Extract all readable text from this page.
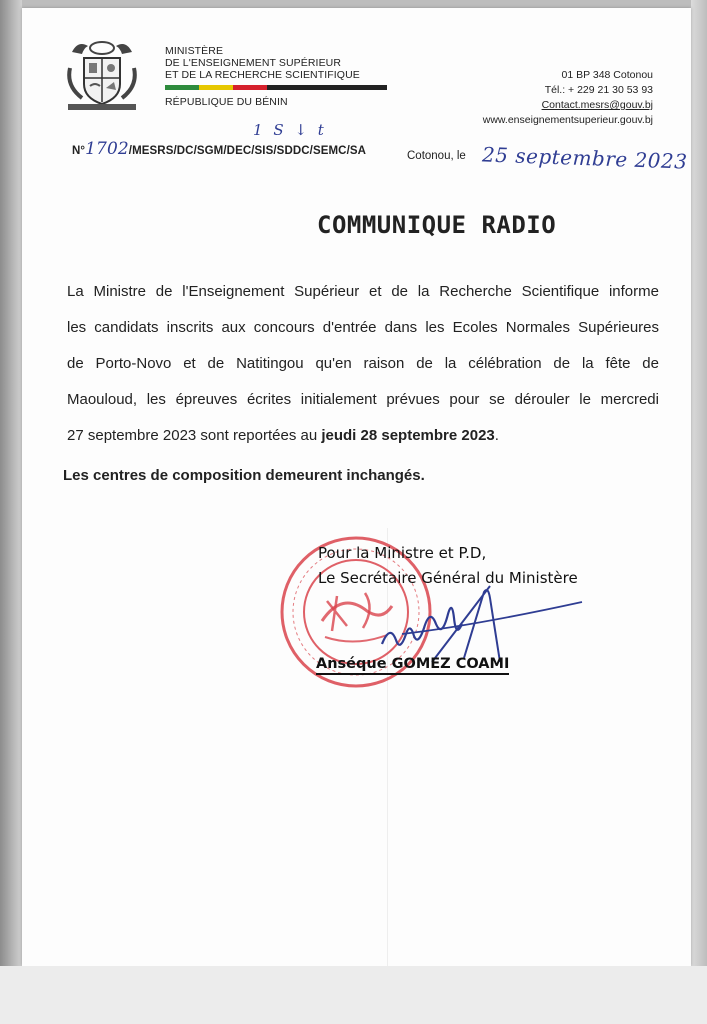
MINISTÈRE
DE L'ENSEIGNEMENT SUPÉRIEUR
ET DE LA RECHERCHE SCIENTIFIQUE
RÉPUBLIQUE DU BÉNIN
01 BP 348 Cotonou
Tél.: + 229 21 30 53 93
Contact.mesrs@gouv.bj
www.enseignementsuperieur.gouv.bj
1 S ↓ t
N°1702/MESRS/DC/SGM/DEC/SIS/SDDC/SEMC/SA	Cotonou, le 25 septembre 2023
COMMUNIQUE RADIO
La Ministre de l'Enseignement Supérieur et de la Recherche Scientifique informe
les candidats inscrits aux concours d'entrée dans les Ecoles Normales Supérieures
de Porto-Novo et de Natitingou qu'en raison de la célébration de la fête de
Maouloud, les épreuves écrites initialement prévues pour se dérouler le mercredi
27 septembre 2023 sont reportées au jeudi 28 septembre 2023.
Les centres de composition demeurent inchangés.
Pour la Ministre et P.D,
Le Secrétaire Général du Ministère
Anséque GOMEZ COAMI
